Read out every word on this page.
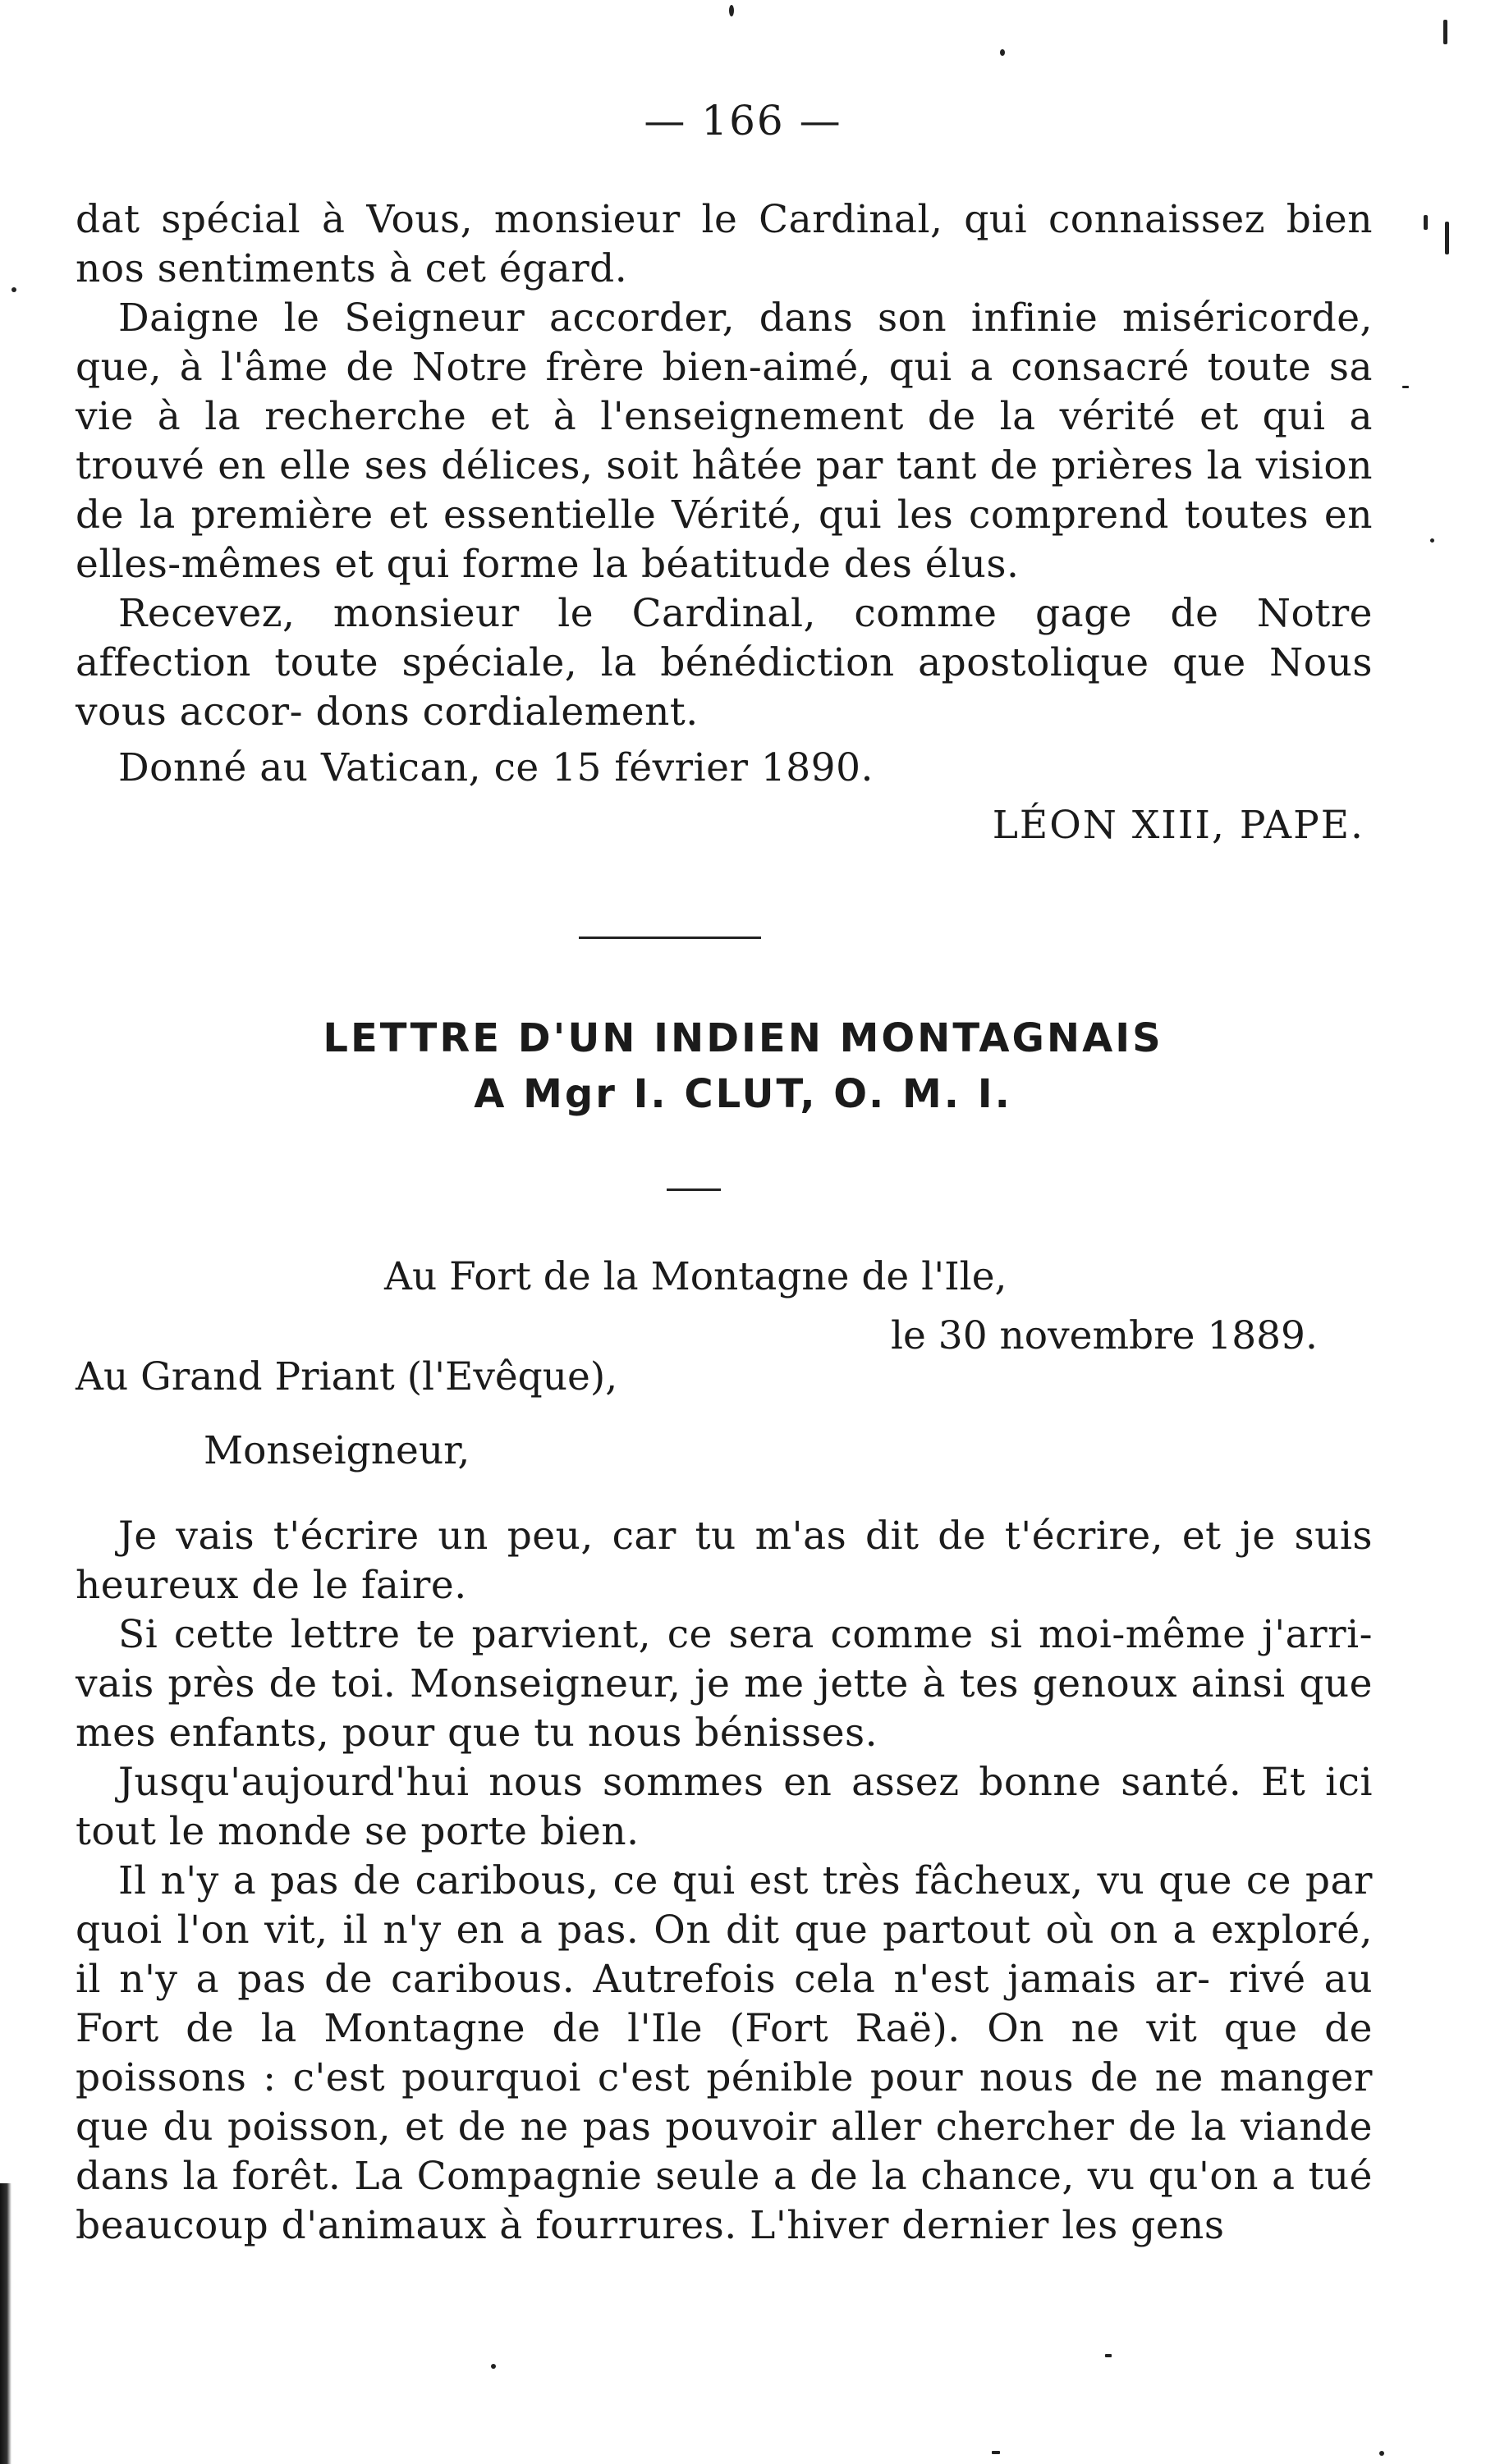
— 166 —

dat spécial à Vous, monsieur le Cardinal, qui connaissez bien nos sentiments à cet égard.

Daigne le Seigneur accorder, dans son infinie miséricorde, que, à l'âme de Notre frère bien-aimé, qui a consacré toute sa vie à la recherche et à l'enseignement de la vérité et qui a trouvé en elle ses délices, soit hâtée par tant de prières la vision de la première et essentielle Vérité, qui les comprend toutes en elles-mêmes et qui forme la béatitude des élus.

Recevez, monsieur le Cardinal, comme gage de Notre affection toute spéciale, la bénédiction apostolique que Nous vous accor- dons cordialement.

Donné au Vatican, ce 15 février 1890.

LÉON XIII, PAPE.

LETTRE D'UN INDIEN MONTAGNAIS
A Mgr I. CLUT, O. M. I.
Au Fort de la Montagne de l'Ile,
le 30 novembre 1889.
Au Grand Priant (l'Evêque),
Monseigneur,

Je vais t'écrire un peu, car tu m'as dit de t'écrire, et je suis heureux de le faire.

Si cette lettre te parvient, ce sera comme si moi-même j'arri- vais près de toi. Monseigneur, je me jette à tes genoux ainsi que mes enfants, pour que tu nous bénisses.

Jusqu'aujourd'hui nous sommes en assez bonne santé. Et ici tout le monde se porte bien.

Il n'y a pas de caribous, ce qui est très fâcheux, vu que ce par quoi l'on vit, il n'y en a pas. On dit que partout où on a exploré, il n'y a pas de caribous. Autrefois cela n'est jamais ar- rivé au Fort de la Montagne de l'Ile (Fort Raë). On ne vit que de poissons : c'est pourquoi c'est pénible pour nous de ne manger que du poisson, et de ne pas pouvoir aller chercher de la viande dans la forêt. La Compagnie seule a de la chance, vu qu'on a tué beaucoup d'animaux à fourrures. L'hiver dernier les gens
